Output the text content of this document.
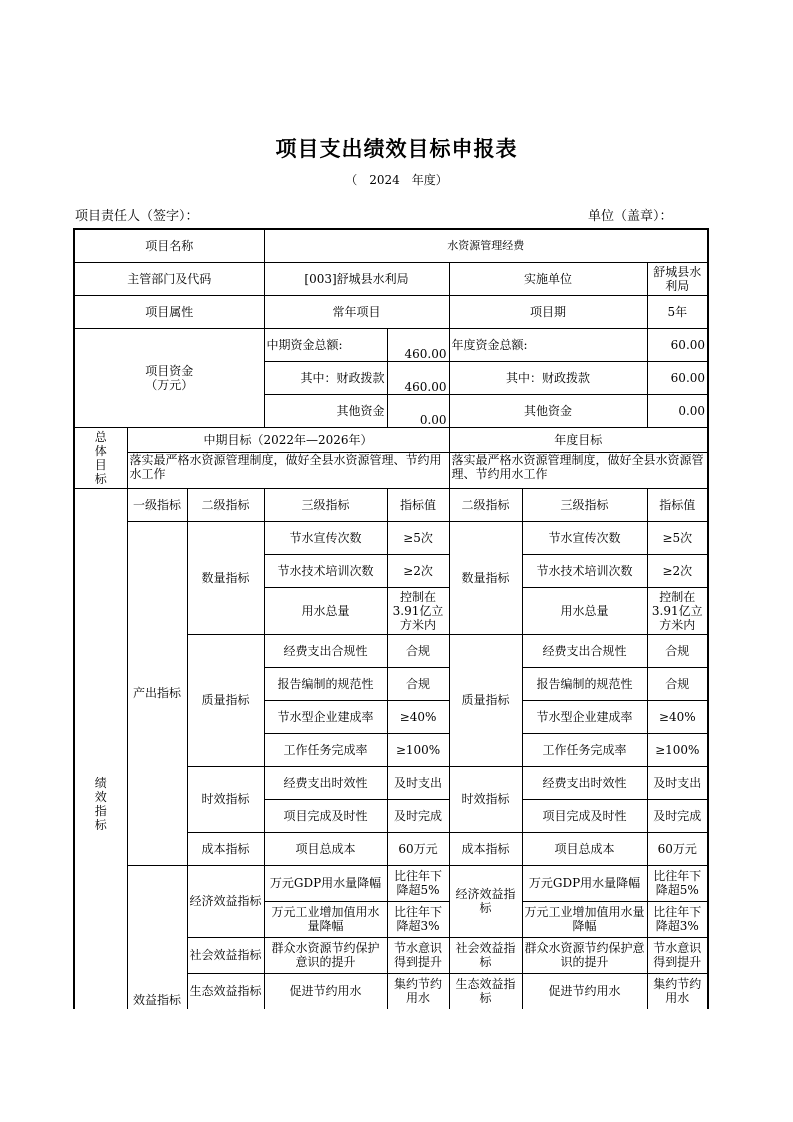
项目支出绩效目标申报表
（ 2024 年度）
项目责任人（签字）：	单位（盖章）：
项目名称			水资源管理经费				
主管部门及代码			[003]舒城县水利局		实施单位		舒城县水利局
项目属性			常年项目		项目期		5年

项目资金
（万元）			中期资金总额:	460.00	年度资金总额:		60.00
			其中：财政拨款	460.00	其中：财政拨款		60.00
			其他资金	0.00	其他资金		0.00

总
体
目
标	中期目标（2022年—2026年）				年度目标		
	落实最严格水资源管理制度，做好全县水资源管理、节约用水工作				落实最严格水资源管理制度，做好全县水资源管理、节约用水工作		

绩
效
指
标	一级指标	二级指标	三级指标	指标值	二级指标	三级指标	指标值
	产出指标	数量指标	节水宣传次数	≥5次	数量指标	节水宣传次数	≥5次
			节水技术培训次数	≥2次		节水技术培训次数	≥2次
			用水总量	控制在3.91亿立方米内		用水总量	控制在3.91亿立方米内
		质量指标	经费支出合规性	合规	质量指标	经费支出合规性	合规
			报告编制的规范性	合规		报告编制的规范性	合规
			节水型企业建成率	≥40%		节水型企业建成率	≥40%
			工作任务完成率	≥100%		工作任务完成率	≥100%
		时效指标	经费支出时效性	及时支出	时效指标	经费支出时效性	及时支出
			项目完成及时性	及时完成		项目完成及时性	及时完成
		成本指标	项目总成本	60万元	成本指标	项目总成本	60万元
	效益指标	经济效益指标	万元GDP用水量降幅	比往年下降超5%	经济效益指标	万元GDP用水量降幅	比往年下降超5%
			万元工业增加值用水量降幅	比往年下降超3%		万元工业增加值用水量降幅	比往年下降超3%
		社会效益指标	群众水资源节约保护意识的提升	节水意识得到提升	社会效益指标	群众水资源节约保护意识的提升	节水意识得到提升
		生态效益指标	促进节约用水	集约节约用水	生态效益指标	促进节约用水	集约节约用水
